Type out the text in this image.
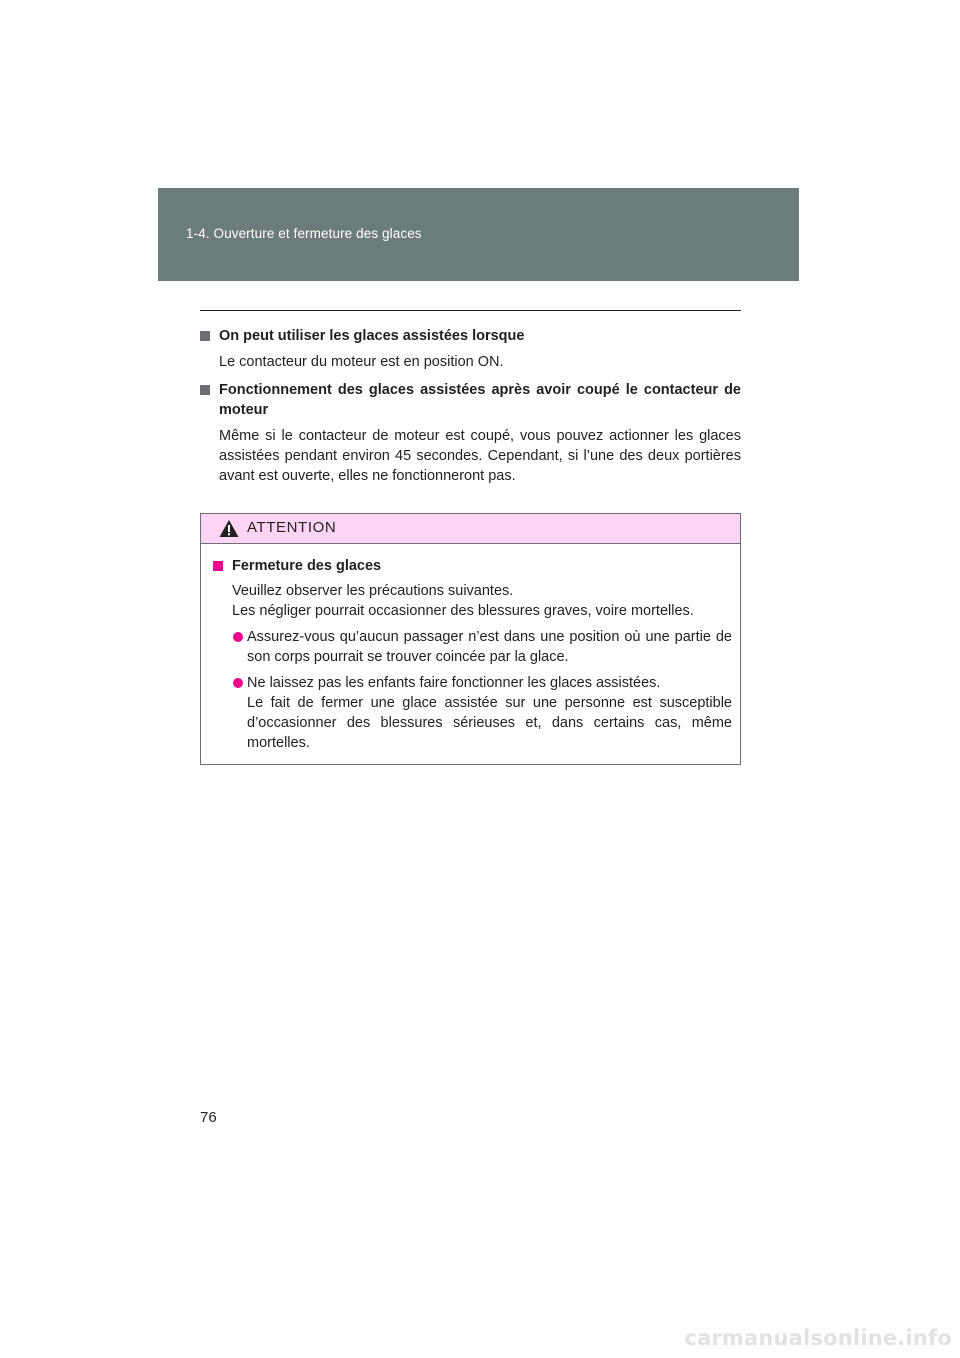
1-4. Ouverture et fermeture des glaces
On peut utiliser les glaces assistées lorsque
Le contacteur du moteur est en position ON.
Fonctionnement des glaces assistées après avoir coupé le contacteur de moteur
Même si le contacteur de moteur est coupé, vous pouvez actionner les glaces assistées pendant environ 45 secondes. Cependant, si l’une des deux portières avant est ouverte, elles ne fonctionneront pas.
ATTENTION
Fermeture des glaces
Veuillez observer les précautions suivantes.
Les négliger pourrait occasionner des blessures graves, voire mortelles.
Assurez-vous qu’aucun passager n’est dans une position où une partie de son corps pourrait se trouver coincée par la glace.
Ne laissez pas les enfants faire fonctionner les glaces assistées.
Le fait de fermer une glace assistée sur une personne est susceptible d’occasionner des blessures sérieuses et, dans certains cas, même mortelles.
76
carmanualsonline.info
